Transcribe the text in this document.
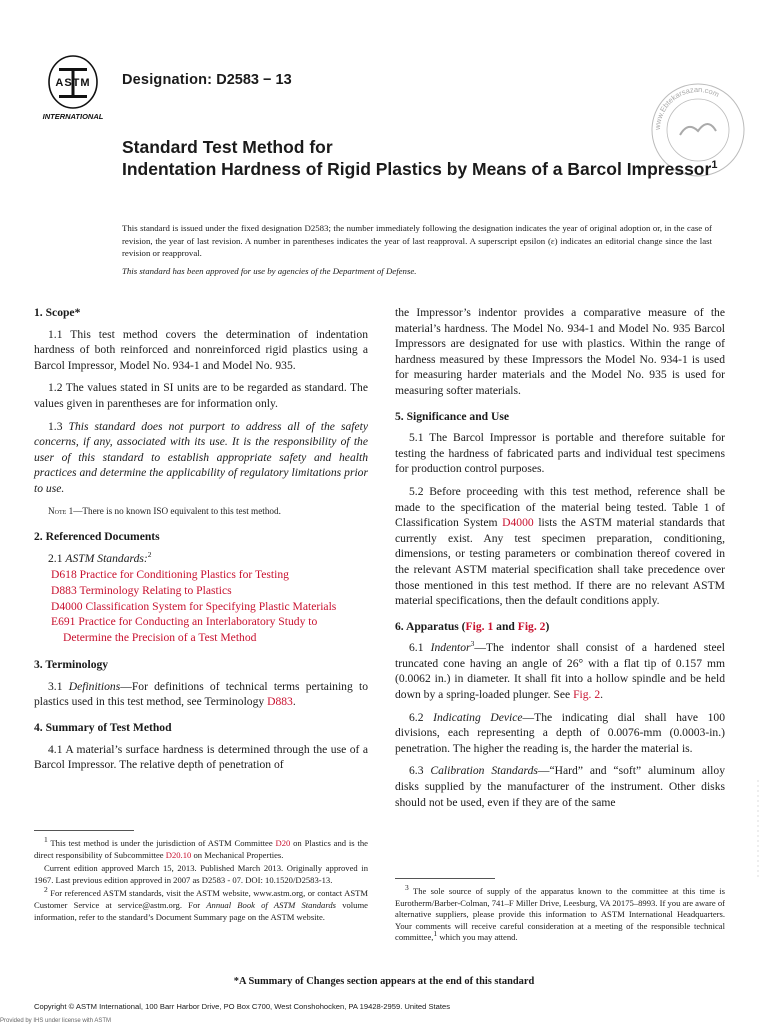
ASTM
INTERNATIONAL
Designation: D2583 − 13
www.Ebtekarsazan.com
Standard Test Method for
Indentation Hardness of Rigid Plastics by Means of a Barcol Impressor$^1$
This standard is issued under the fixed designation D2583; the number immediately following the designation indicates the year of original adoption or, in the case of revision, the year of last revision. A number in parentheses indicates the year of last reapproval. A superscript epsilon (ε) indicates an editorial change since the last revision or reapproval.
This standard has been approved for use by agencies of the Department of Defense.
1. Scope*

1.1 This test method covers the determination of indentation hardness of both reinforced and nonreinforced rigid plastics using a Barcol Impressor, Model No. 934-1 and Model No. 935.

1.2 The values stated in SI units are to be regarded as standard. The values given in parentheses are for information only.

1.3 This standard does not purport to address all of the safety concerns, if any, associated with its use. It is the responsibility of the user of this standard to establish appropriate safety and health practices and determine the applicability of regulatory limitations prior to use.

Note 1—There is no known ISO equivalent to this test method.
2. Referenced Documents

2.1 ASTM Standards:$^2$

D618 Practice for Conditioning Plastics for Testing
D883 Terminology Relating to Plastics
D4000 Classification System for Specifying Plastic Materials
E691 Practice for Conducting an Interlaboratory Study to Determine the Precision of a Test Method
3. Terminology

3.1 Definitions—For definitions of technical terms pertaining to plastics used in this test method, see Terminology D883.

4. Summary of Test Method

4.1 A material’s surface hardness is determined through the use of a Barcol Impressor. The relative depth of penetration of

the Impressor’s indentor provides a comparative measure of the material’s hardness. The Model No. 934-1 and Model No. 935 Barcol Impressors are designated for use with plastics. Within the range of hardness measured by these Impressors the Model No. 934-1 is used for measuring harder materials and the Model No. 935 is used for measuring softer materials.

5. Significance and Use

5.1 The Barcol Impressor is portable and therefore suitable for testing the hardness of fabricated parts and individual test specimens for production control purposes.

5.2 Before proceeding with this test method, reference shall be made to the specification of the material being tested. Table 1 of Classification System D4000 lists the ASTM material standards that currently exist. Any test specimen preparation, conditioning, dimensions, or testing parameters or combination thereof covered in the relevant ASTM material specification shall take precedence over those mentioned in this test method. If there are no relevant ASTM material specifications, then the default conditions apply.

6. Apparatus (Fig. 1 and Fig. 2)

6.1 Indentor$^3$—The indentor shall consist of a hardened steel truncated cone having an angle of 26° with a flat tip of 0.157 mm (0.0062 in.) in diameter. It shall fit into a hollow spindle and be held down by a spring-loaded plunger. See Fig. 2.

6.2 Indicating Device—The indicating dial shall have 100 divisions, each representing a depth of 0.0076-mm (0.0003-in.) penetration. The higher the reading is, the harder the material is.

6.3 Calibration Standards—“Hard” and “soft” aluminum alloy disks supplied by the manufacturer of the instrument. Other disks should not be used, even if they are of the same

$^1$ This test method is under the jurisdiction of ASTM Committee D20 on Plastics and is the direct responsibility of Subcommittee D20.10 on Mechanical Properties.

Current edition approved March 15, 2013. Published March 2013. Originally approved in 1967. Last previous edition approved in 2007 as D2583 - 07. DOI: 10.1520/D2583-13.

$^2$ For referenced ASTM standards, visit the ASTM website, www.astm.org, or contact ASTM Customer Service at service@astm.org. For Annual Book of ASTM Standards volume information, refer to the standard’s Document Summary page on the ASTM website.

$^3$ The sole source of supply of the apparatus known to the committee at this time is Eurotherm/Barber-Colman, 741–F Miller Drive, Leesburg, VA 20175–8993. If you are aware of alternative suppliers, please provide this information to ASTM International Headquarters. Your comments will receive careful consideration at a meeting of the responsible technical committee,$^1$ which you may attend.

*A Summary of Changes section appears at the end of this standard
Copyright © ASTM International, 100 Barr Harbor Drive, PO Box C700, West Conshohocken, PA 19428-2959. United States
Provided by IHS under license with ASTM
